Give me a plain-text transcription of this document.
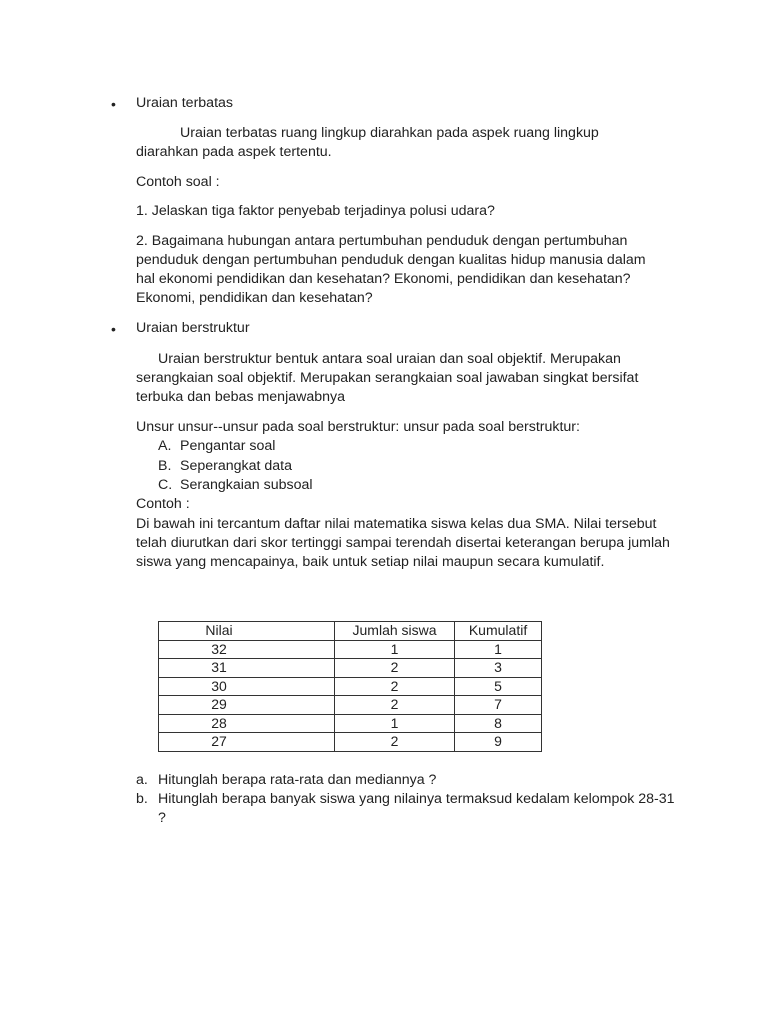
• Uraian terbatas
Uraian terbatas ruang lingkup diarahkan pada aspek ruang lingkup diarahkan pada aspek tertentu.
Contoh soal :
1. Jelaskan tiga faktor penyebab terjadinya polusi udara?
2. Bagaimana hubungan antara pertumbuhan penduduk dengan pertumbuhan penduduk dengan pertumbuhan penduduk dengan kualitas hidup manusia dalam hal ekonomi pendidikan dan kesehatan? Ekonomi, pendidikan dan kesehatan? Ekonomi, pendidikan dan kesehatan?
• Uraian berstruktur
Uraian berstruktur bentuk antara soal uraian dan soal objektif. Merupakan serangkaian soal objektif. Merupakan serangkaian soal jawaban singkat bersifat terbuka dan bebas menjawabnya
Unsur unsur--unsur pada soal berstruktur: unsur pada soal berstruktur:
A. Pengantar soal
B. Seperangkat data
C. Serangkaian subsoal
Contoh :
Di bawah ini tercantum daftar nilai matematika siswa kelas dua SMA. Nilai tersebut telah diurutkan dari skor tertinggi sampai terendah disertai keterangan berupa jumlah siswa yang mencapainya, baik untuk setiap nilai maupun secara kumulatif.
Nilai	Jumlah siswa	Kumulatif
32	1	1
31	2	3
30	2	5
29	2	7
28	1	8
27	2	9
a. Hitunglah berapa rata-rata dan mediannya ?
b. Hitunglah berapa banyak siswa yang nilainya termaksud kedalam kelompok 28-31 ?
